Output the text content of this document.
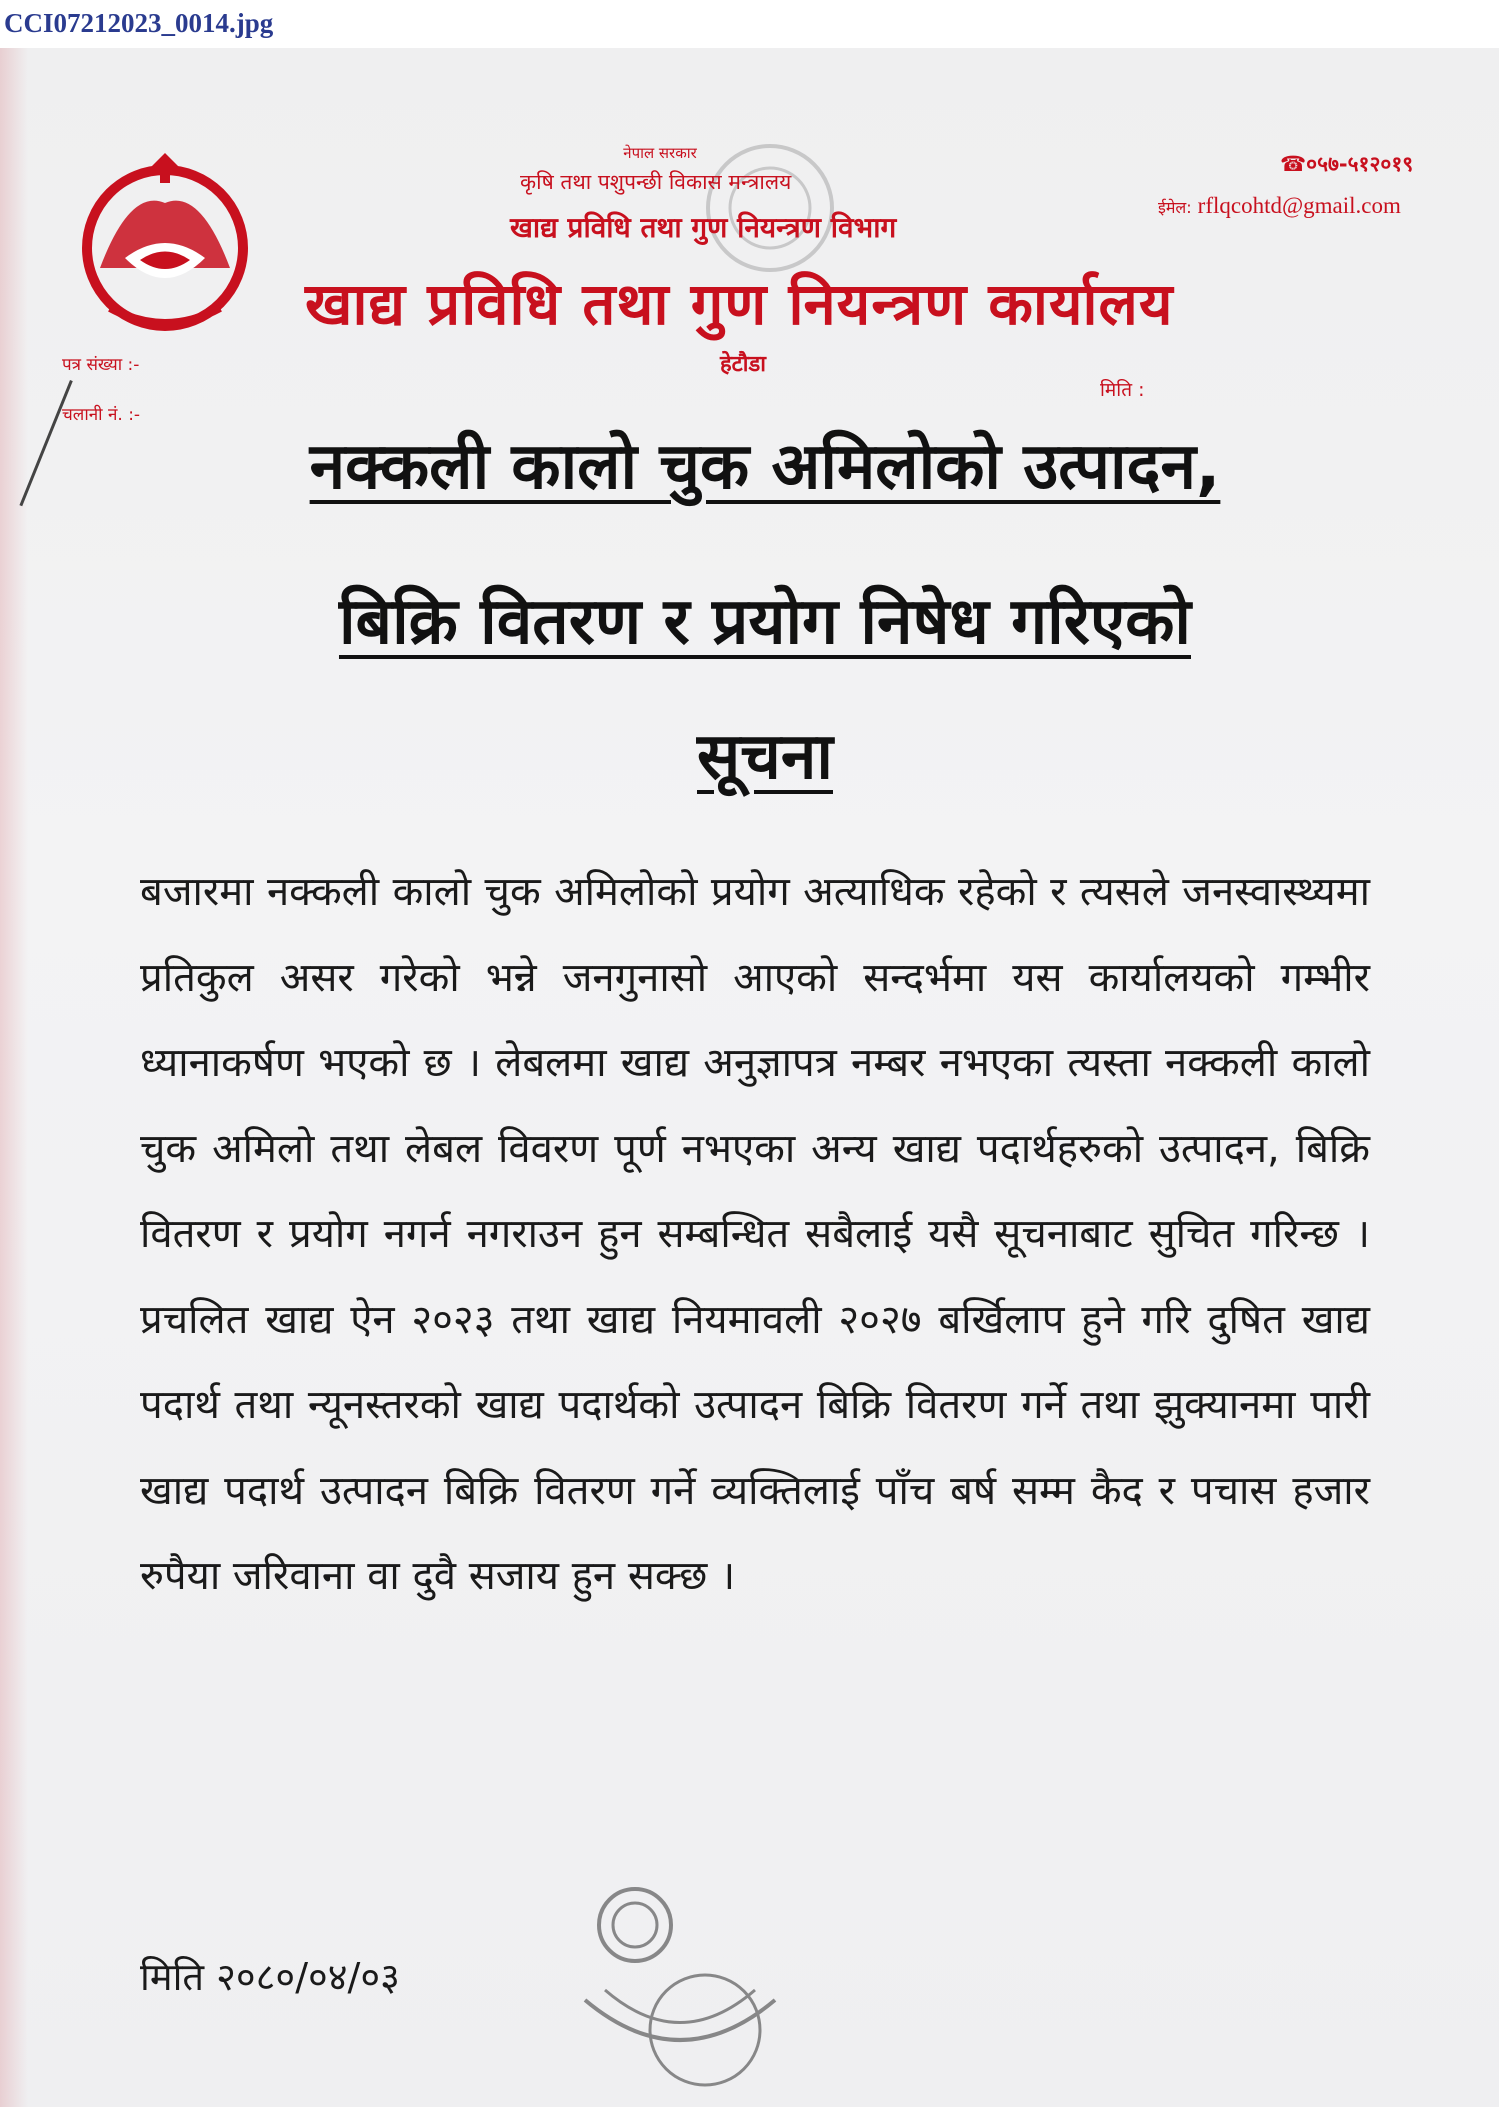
CCI07212023_0014.jpg
नेपाल सरकार
कृषि तथा पशुपन्छी विकास मन्त्रालय
खाद्य प्रविधि तथा गुण नियन्त्रण विभाग
खाद्य प्रविधि तथा गुण नियन्त्रण कार्यालय
हेटौडा
☎०५७-५१२०१९
ईमेल: rflqcohtd@gmail.com
पत्र संख्या :-
चलानी नं. :-
मिति :
नक्कली कालो चुक अमिलोको उत्पादन,
बिक्रि वितरण र प्रयोग निषेध गरिएको
सूचना
बजारमा नक्कली कालो चुक अमिलोको प्रयोग अत्याधिक रहेको र त्यसले जनस्वास्थ्यमा प्रतिकुल असर गरेको भन्ने जनगुनासो आएको सन्दर्भमा यस कार्यालयको गम्भीर ध्यानाकर्षण भएको छ । लेबलमा खाद्य अनुज्ञापत्र नम्बर नभएका त्यस्ता नक्कली कालो चुक अमिलो तथा लेबल विवरण पूर्ण नभएका अन्य खाद्य पदार्थहरुको उत्पादन, बिक्रि वितरण र प्रयोग नगर्न नगराउन हुन सम्बन्धित सबैलाई यसै सूचनाबाट सुचित गरिन्छ । प्रचलित खाद्य ऐन २०२३ तथा खाद्य नियमावली २०२७ बर्खिलाप हुने गरि दुषित खाद्य पदार्थ तथा न्यूनस्तरको खाद्य पदार्थको उत्पादन बिक्रि वितरण गर्ने तथा झुक्यानमा पारी खाद्य पदार्थ उत्पादन बिक्रि वितरण गर्ने व्यक्तिलाई पाँच बर्ष सम्म कैद र पचास हजार रुपैया जरिवाना वा दुवै सजाय हुन सक्छ ।
मिति २०८०/०४/०३
